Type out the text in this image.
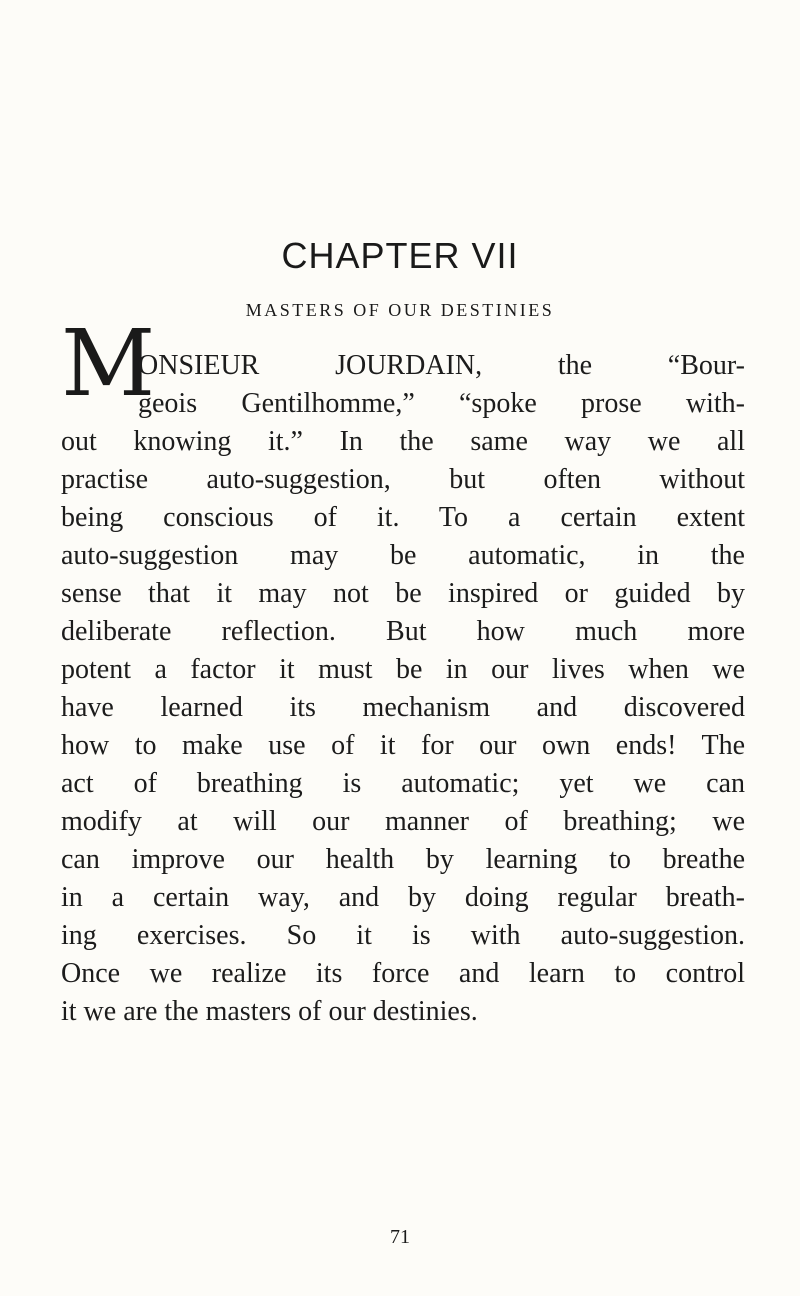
CHAPTER VII
MASTERS OF OUR DESTINIES
M
ONSIEUR JOURDAIN, the “Bour-
geois Gentilhomme,” “spoke prose with-
out knowing it.” In the same way we all
practise auto-suggestion, but often without
being conscious of it. To a certain extent
auto-suggestion may be automatic, in the
sense that it may not be inspired or guided by
deliberate reflection. But how much more
potent a factor it must be in our lives when we
have learned its mechanism and discovered
how to make use of it for our own ends! The
act of breathing is automatic; yet we can
modify at will our manner of breathing; we
can improve our health by learning to breathe
in a certain way, and by doing regular breath-
ing exercises. So it is with auto-suggestion.
Once we realize its force and learn to control
it we are the masters of our destinies.
71
